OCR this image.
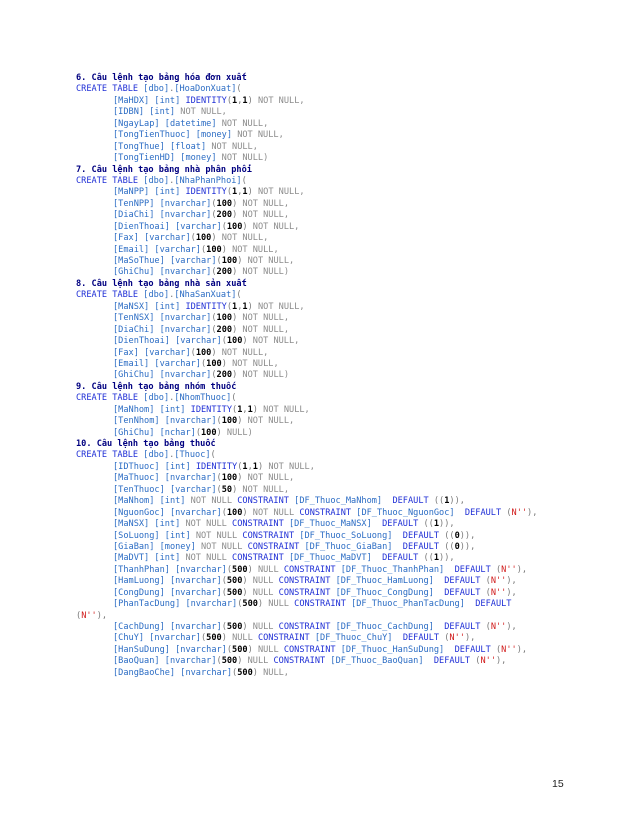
6. Câu lệnh tạo bảng hóa đơn xuất
CREATE TABLE [dbo].[HoaDonXuat](
[MaHDX] [int] IDENTITY(1,1) NOT NULL,
[IDBN] [int] NOT NULL,
[NgayLap] [datetime] NOT NULL,
[TongTienThuoc] [money] NOT NULL,
[TongThue] [float] NOT NULL,
[TongTienHD] [money] NOT NULL)
7. Câu lệnh tạo bảng nhà phân phối
CREATE TABLE [dbo].[NhaPhanPhoi](
[MaNPP] [int] IDENTITY(1,1) NOT NULL,
[TenNPP] [nvarchar](100) NOT NULL,
[DiaChi] [nvarchar](200) NOT NULL,
[DienThoai] [varchar](100) NOT NULL,
[Fax] [varchar](100) NOT NULL,
[Email] [varchar](100) NOT NULL,
[MaSoThue] [varchar](100) NOT NULL,
[GhiChu] [nvarchar](200) NOT NULL)
8. Câu lệnh tạo bảng nhà sản xuất
CREATE TABLE [dbo].[NhaSanXuat](
[MaNSX] [int] IDENTITY(1,1) NOT NULL,
[TenNSX] [nvarchar](100) NOT NULL,
[DiaChi] [nvarchar](200) NOT NULL,
[DienThoai] [varchar](100) NOT NULL,
[Fax] [varchar](100) NOT NULL,
[Email] [varchar](100) NOT NULL,
[GhiChu] [nvarchar](200) NOT NULL)
9. Câu lệnh tạo bảng nhóm thuốc
CREATE TABLE [dbo].[NhomThuoc](
[MaNhom] [int] IDENTITY(1,1) NOT NULL,
[TenNhom] [nvarchar](100) NOT NULL,
[GhiChu] [nchar](100) NULL)
10. Câu lệnh tạo bảng thuốc
CREATE TABLE [dbo].[Thuoc](
[IDThuoc] [int] IDENTITY(1,1) NOT NULL,
[MaThuoc] [nvarchar](100) NOT NULL,
[TenThuoc] [varchar](50) NOT NULL,
[MaNhom] [int] NOT NULL CONSTRAINT [DF_Thuoc_MaNhom]  DEFAULT ((1)),
[NguonGoc] [nvarchar](100) NOT NULL CONSTRAINT [DF_Thuoc_NguonGoc]  DEFAULT (N''),
[MaNSX] [int] NOT NULL CONSTRAINT [DF_Thuoc_MaNSX]  DEFAULT ((1)),
[SoLuong] [int] NOT NULL CONSTRAINT [DF_Thuoc_SoLuong]  DEFAULT ((0)),
[GiaBan] [money] NOT NULL CONSTRAINT [DF_Thuoc_GiaBan]  DEFAULT ((0)),
[MaDVT] [int] NOT NULL CONSTRAINT [DF_Thuoc_MaDVT]  DEFAULT ((1)),
[ThanhPhan] [nvarchar](500) NULL CONSTRAINT [DF_Thuoc_ThanhPhan]  DEFAULT (N''),
[HamLuong] [nvarchar](500) NULL CONSTRAINT [DF_Thuoc_HamLuong]  DEFAULT (N''),
[CongDung] [nvarchar](500) NULL CONSTRAINT [DF_Thuoc_CongDung]  DEFAULT (N''),
[PhanTacDung] [nvarchar](500) NULL CONSTRAINT [DF_Thuoc_PhanTacDung]  DEFAULT
(N''),
[CachDung] [nvarchar](500) NULL CONSTRAINT [DF_Thuoc_CachDung]  DEFAULT (N''),
[ChuY] [nvarchar](500) NULL CONSTRAINT [DF_Thuoc_ChuY]  DEFAULT (N''),
[HanSuDung] [nvarchar](500) NULL CONSTRAINT [DF_Thuoc_HanSuDung]  DEFAULT (N''),
[BaoQuan] [nvarchar](500) NULL CONSTRAINT [DF_Thuoc_BaoQuan]  DEFAULT (N''),
[DangBaoChe] [nvarchar](500) NULL,
15
